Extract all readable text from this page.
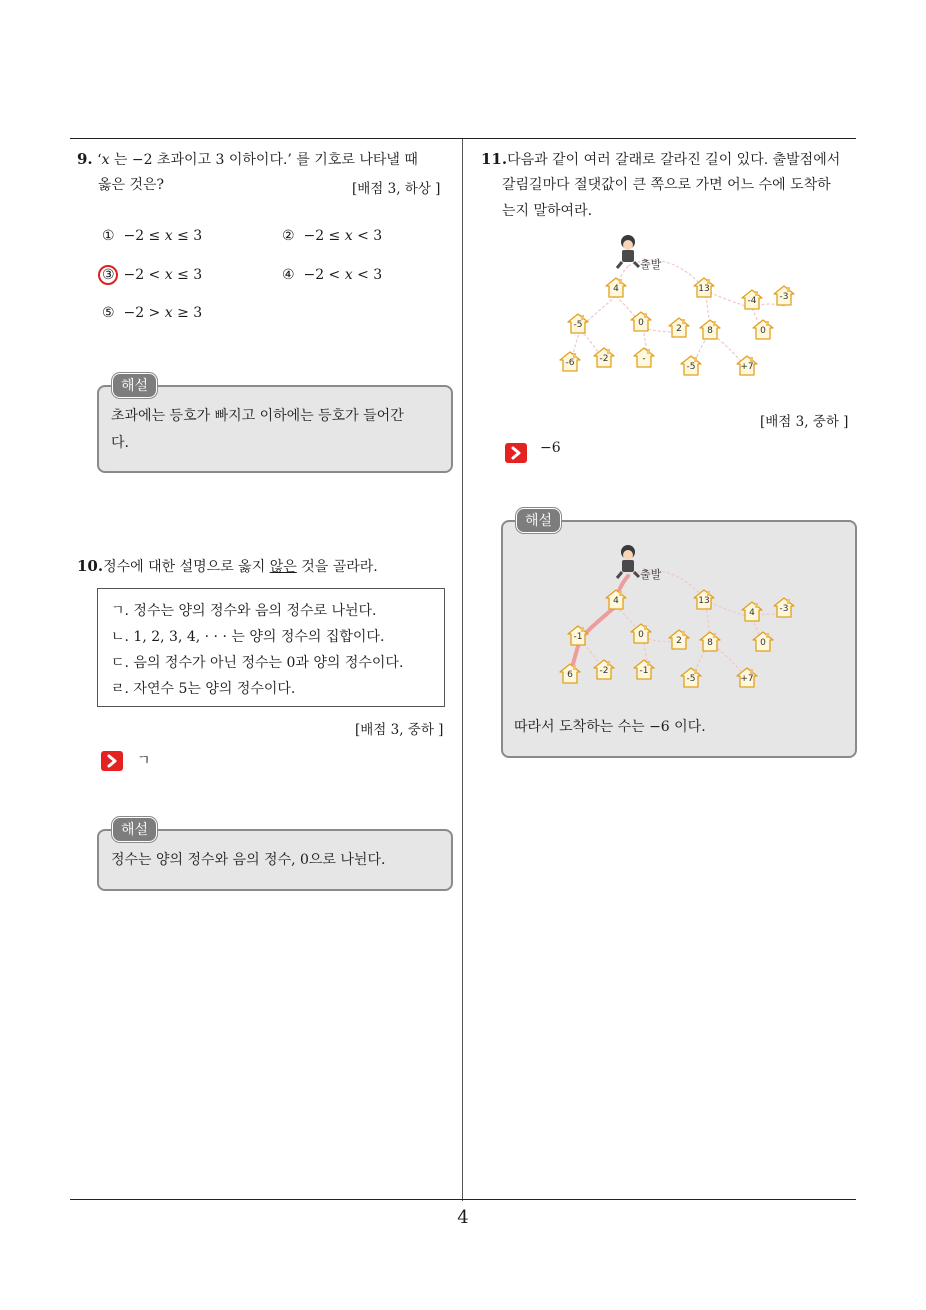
4
9. ‘𝑥 는 −2 초과이고 3 이하이다.’ 를 기호로 나타낼 때
옳은 것은?	[배점 3, 하상 ]
① −2 ≤ 𝑥 ≤ 3	② −2 ≤ 𝑥 < 3
③ −2 < 𝑥 ≤ 3	④ −2 < 𝑥 < 3
⑤ −2 > 𝑥 ≥ 3
해설
초과에는 등호가 빠지고 이하에는 등호가 들어간
다.
10.정수에 대한 설명으로 옳지 않은 것을 골라라.
ㄱ. 정수는 양의 정수와 음의 정수로 나뉜다.
ㄴ. 1, 2, 3, 4, · · · 는 양의 정수의 집합이다.
ㄷ. 음의 정수가 아닌 정수는 0과 양의 정수이다.
ㄹ. 자연수 5는 양의 정수이다.
[배점 3, 중하 ]
ㄱ
해설
정수는 양의 정수와 음의 정수, 0으로 나뉜다.
11.다음과 같이 여러 갈래로 갈라진 길이 있다. 출발점에서
갈림길마다 절댓값이 큰 쪽으로 가면 어느 수에 도착하
는지 말하여라.
출발
4	13
-4	-3
-5	0
2	8	0
-6	-2	-
-5	+7
[배점 3, 중하 ]
−6
해설
출발
4	13
4	-3
-1	0
2	8	0
6	-2	-1
-5	+7
따라서 도착하는 수는 −6 이다.
